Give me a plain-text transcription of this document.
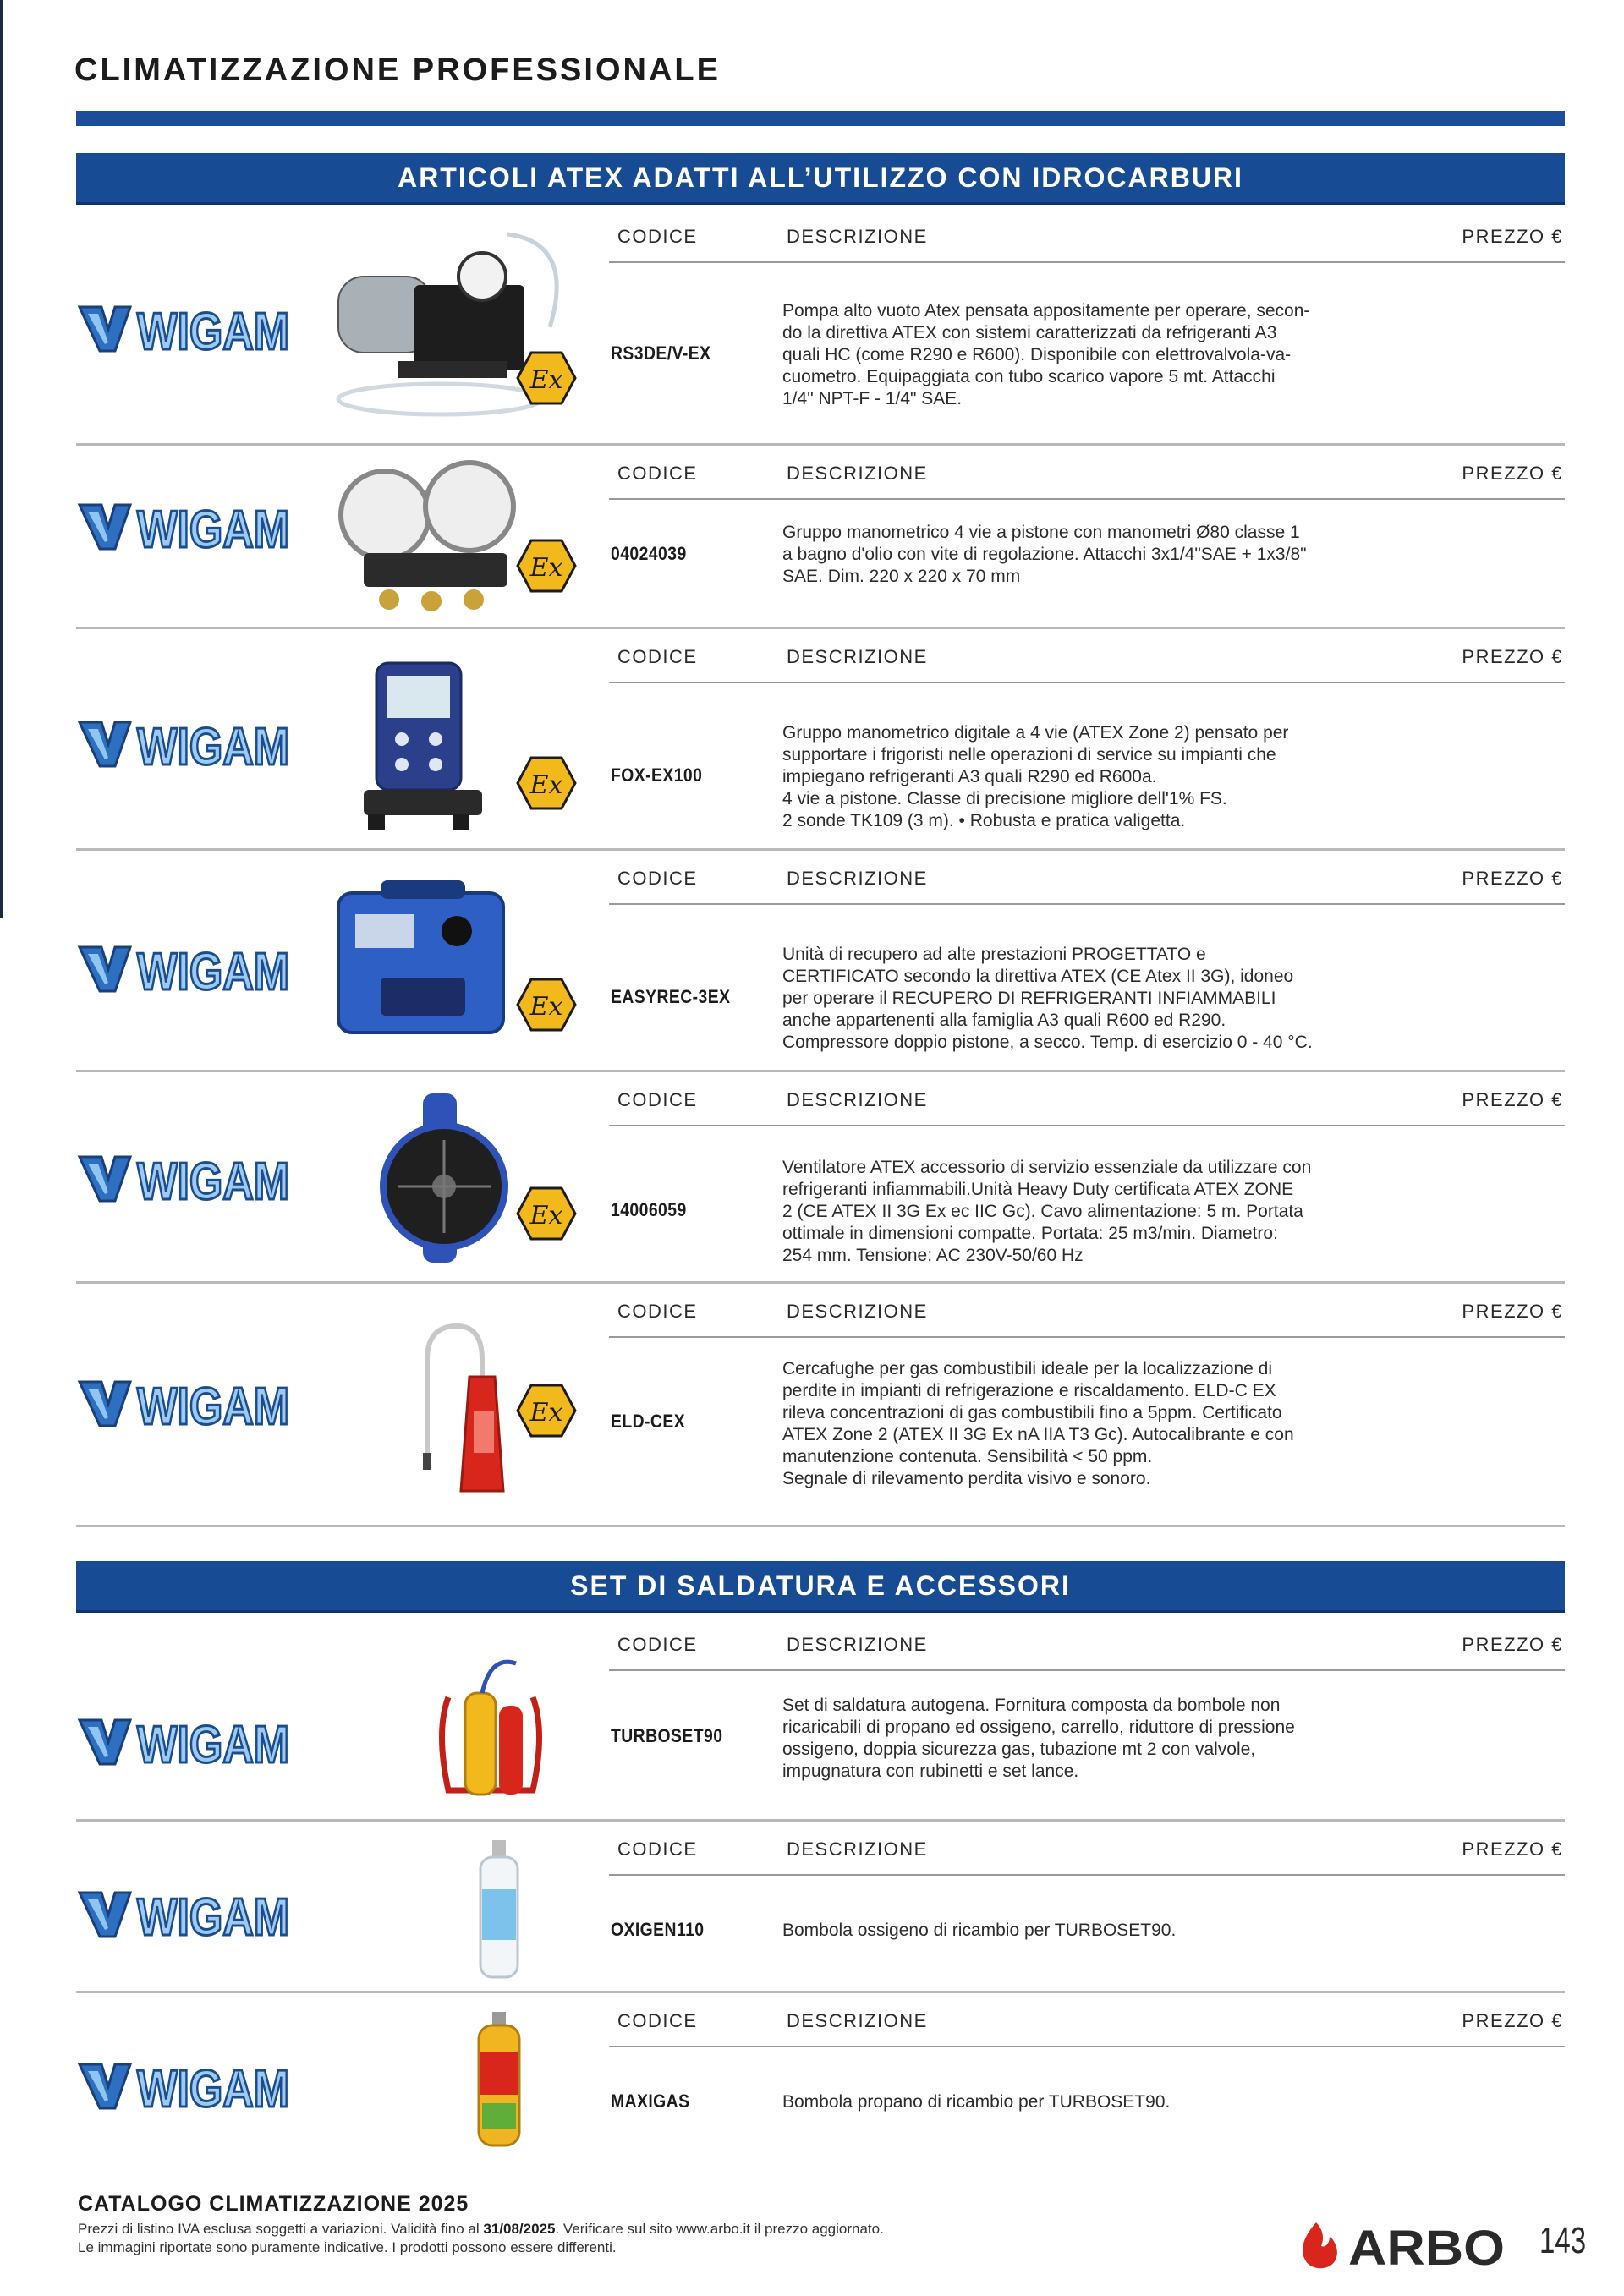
CLIMATIZZAZIONE PROFESSIONALE
ARTICOLI ATEX ADATTI ALL’UTILIZZO CON IDROCARBURI
CODICE	DESCRIZIONE	PREZZO €
RS3DE/V-EX
Pompa alto vuoto Atex pensata appositamente per operare, secon-
do la direttiva ATEX con sistemi caratterizzati da refrigeranti A3
quali HC (come R290 e R600). Disponibile con elettrovalvola-va-
cuometro. Equipaggiata con tubo scarico vapore 5 mt. Attacchi
1/4" NPT-F - 1/4" SAE.
CODICE	DESCRIZIONE	PREZZO €
04024039
Gruppo manometrico 4 vie a pistone con manometri Ø80 classe 1
a bagno d'olio con vite di regolazione. Attacchi 3x1/4"SAE + 1x3/8"
SAE. Dim. 220 x 220 x 70 mm
CODICE	DESCRIZIONE	PREZZO €
FOX-EX100
Gruppo manometrico digitale a 4 vie (ATEX Zone 2) pensato per
supportare i frigoristi nelle operazioni di service su impianti che
impiegano refrigeranti A3 quali R290 ed R600a.
4 vie a pistone. Classe di precisione migliore dell'1% FS.
2 sonde TK109 (3 m). • Robusta e pratica valigetta.
CODICE	DESCRIZIONE	PREZZO €
EASYREC-3EX
Unità di recupero ad alte prestazioni PROGETTATO e
CERTIFICATO secondo la direttiva ATEX (CE Atex II 3G), idoneo
per operare il RECUPERO DI REFRIGERANTI INFIAMMABILI
anche appartenenti alla famiglia A3 quali R600 ed R290.
Compressore doppio pistone, a secco. Temp. di esercizio 0 - 40 °C.
CODICE	DESCRIZIONE	PREZZO €
14006059
Ventilatore ATEX accessorio di servizio essenziale da utilizzare con
refrigeranti infiammabili.Unità Heavy Duty certificata ATEX ZONE
2 (CE ATEX II 3G Ex ec IIC Gc). Cavo alimentazione: 5 m. Portata
ottimale in dimensioni compatte. Portata: 25 m3/min. Diametro:
254 mm. Tensione: AC 230V-50/60 Hz
CODICE	DESCRIZIONE	PREZZO €
ELD-CEX
Cercafughe per gas combustibili ideale per la localizzazione di
perdite in impianti di refrigerazione e riscaldamento. ELD-C EX
rileva concentrazioni di gas combustibili fino a 5ppm. Certificato
ATEX Zone 2 (ATEX II 3G Ex nA IIA T3 Gc). Autocalibrante e con
manutenzione contenuta. Sensibilità < 50 ppm.
Segnale di rilevamento perdita visivo e sonoro.
SET DI SALDATURA E ACCESSORI
CODICE	DESCRIZIONE	PREZZO €
TURBOSET90
Set di saldatura autogena. Fornitura composta da bombole non
ricaricabili di propano ed ossigeno, carrello, riduttore di pressione
ossigeno, doppia sicurezza gas, tubazione mt 2 con valvole,
impugnatura con rubinetti e set lance.
CODICE	DESCRIZIONE	PREZZO €
OXIGEN110	Bombola ossigeno di ricambio per TURBOSET90.
CODICE	DESCRIZIONE	PREZZO €
MAXIGAS	Bombola propano di ricambio per TURBOSET90.
CATALOGO CLIMATIZZAZIONE 2025
Prezzi di listino IVA esclusa soggetti a variazioni. Validità fino al 31/08/2025. Verificare sul sito www.arbo.it il prezzo aggiornato.
Le immagini riportate sono puramente indicative. I prodotti possono essere differenti.	ARBO 143
